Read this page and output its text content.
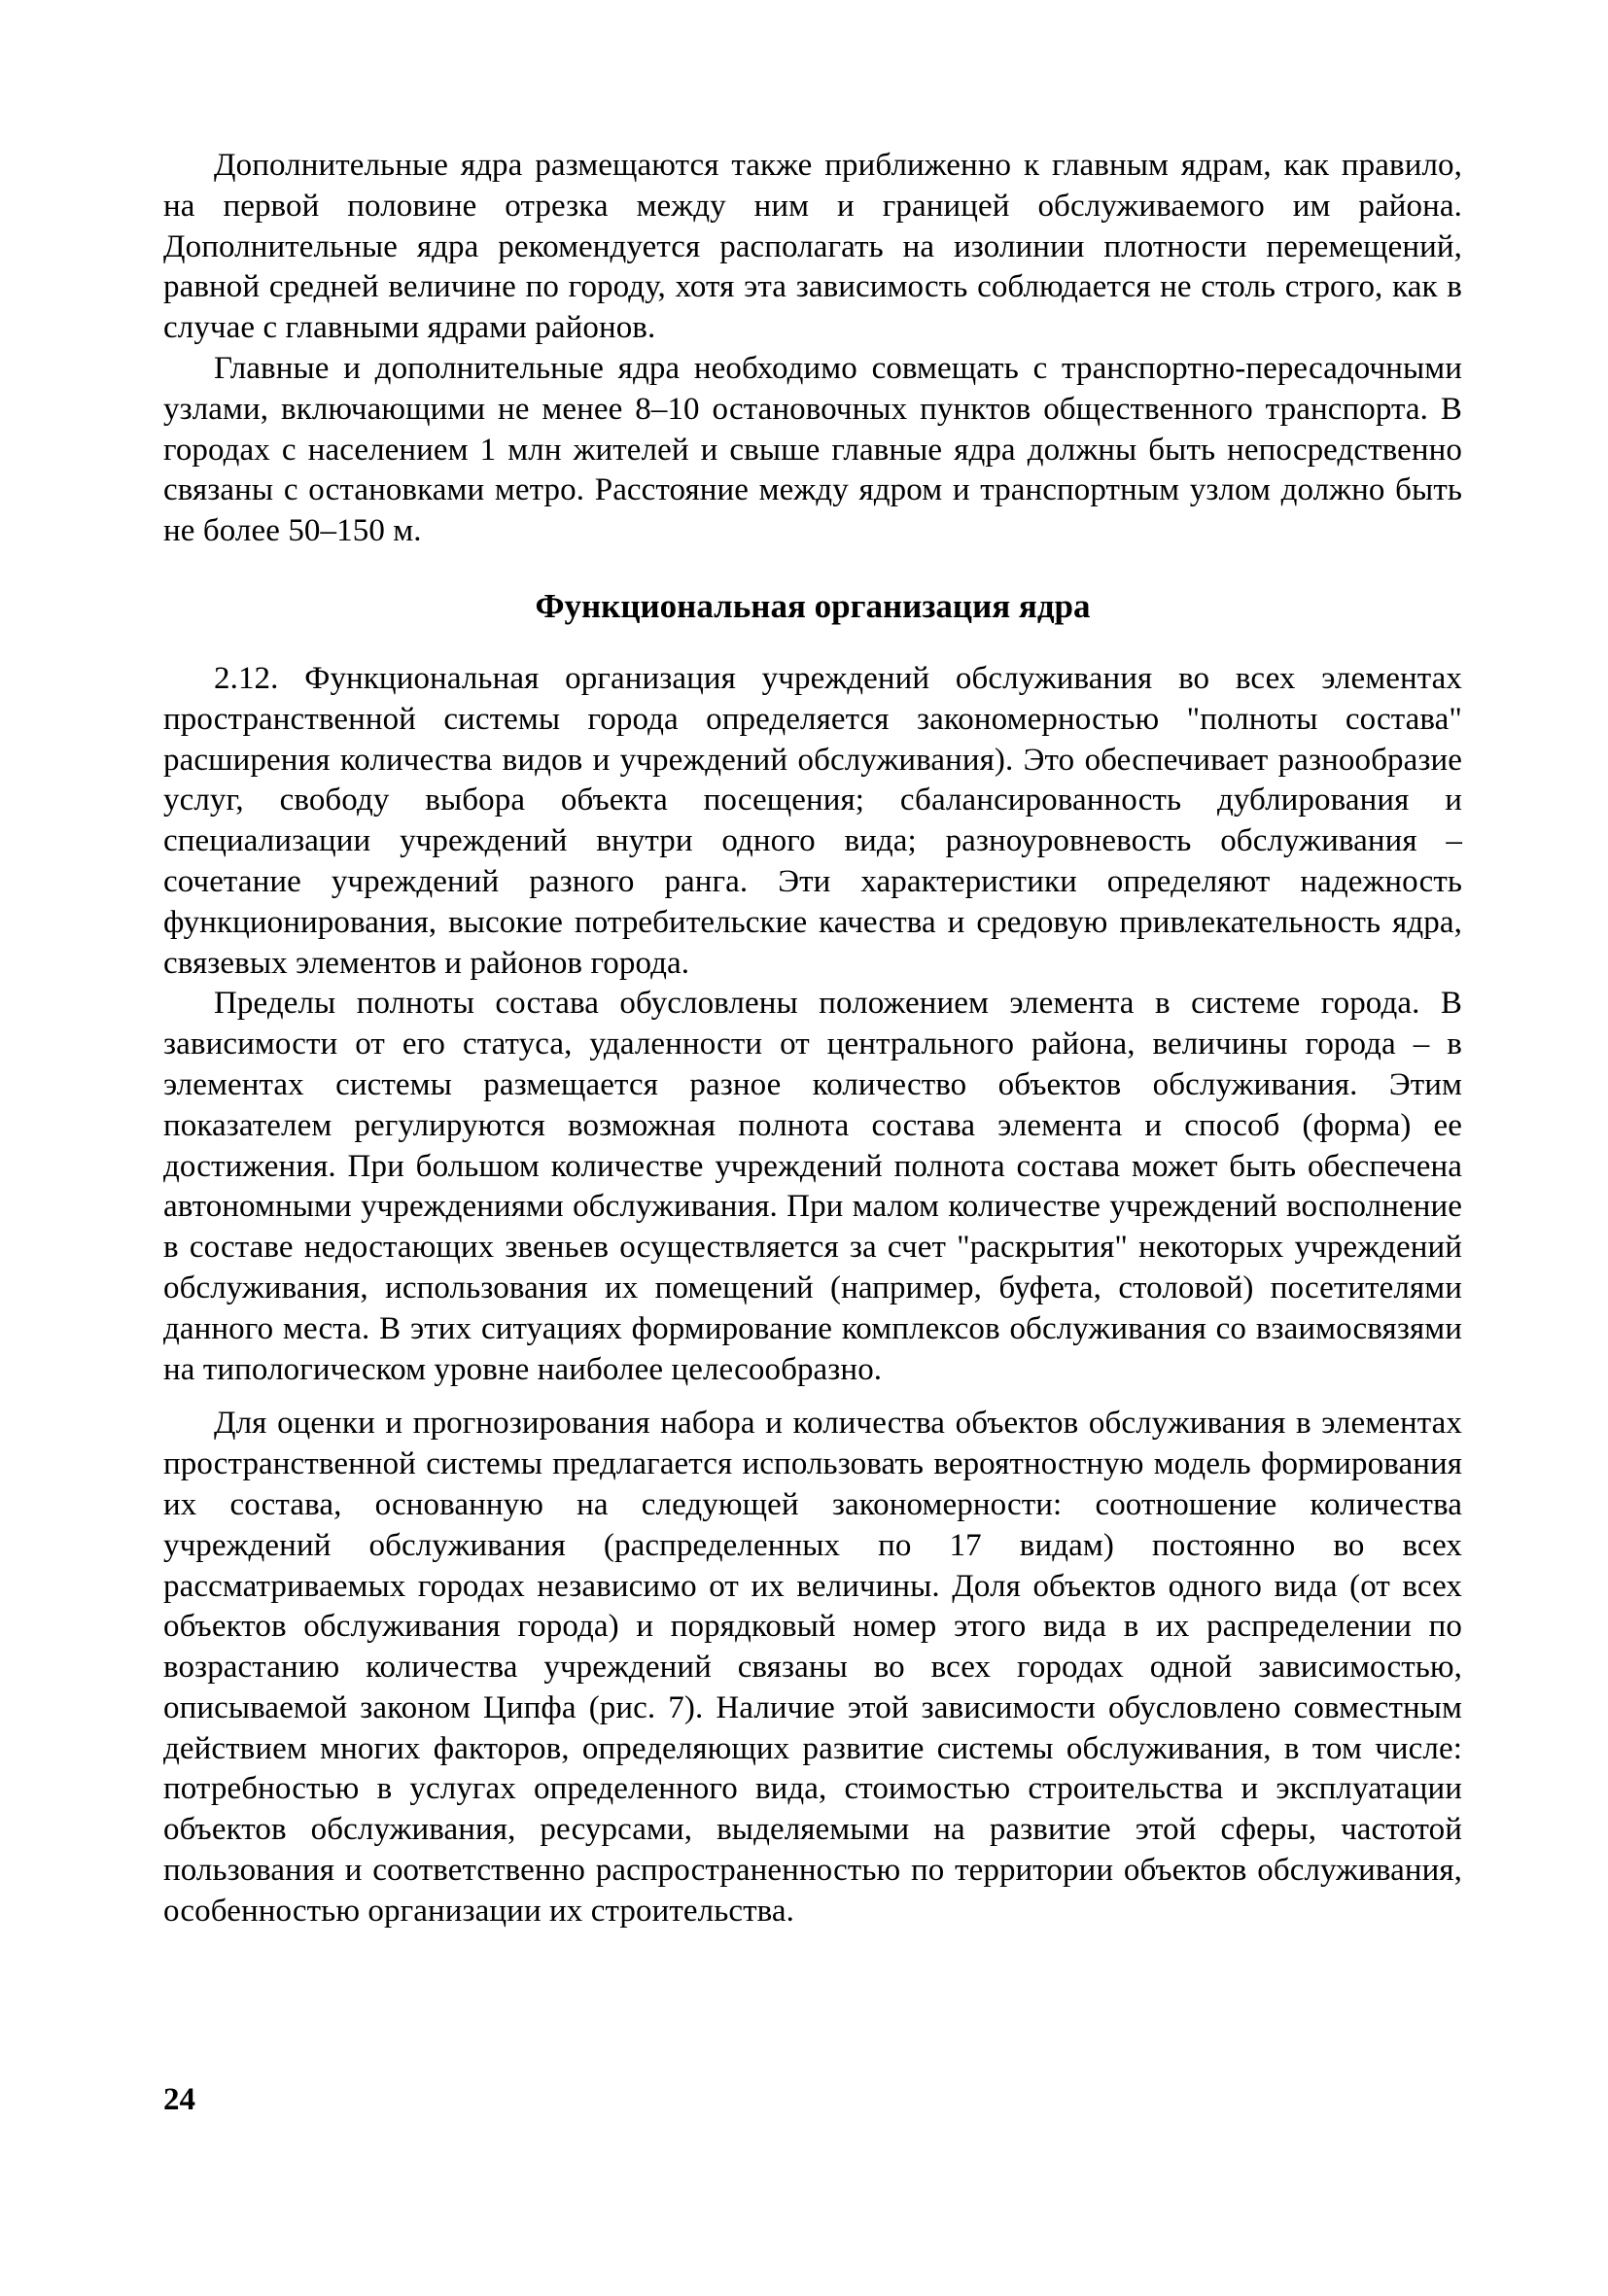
Дополнительные ядра размещаются также приближенно к главным ядрам, как правило, на первой половине отрезка между ним и границей обслуживаемого им района. Дополнительные ядра рекомендуется располагать на изолинии плотности перемещений, равной средней величине по городу, хотя эта зависимость соблюдается не столь строго, как в случае с главными ядрами районов.

Главные и дополнительные ядра необходимо совмещать с транспортно-пересадочными узлами, включающими не менее 8–10 остановочных пунктов общественного транспорта. В городах с населением 1 млн жителей и свыше главные ядра должны быть непосредственно связаны с остановками метро. Расстояние между ядром и транспортным узлом должно быть не более 50–150 м.

Функциональная организация ядра

2.12. Функциональная организация учреждений обслуживания во всех элементах пространственной системы города определяется закономерностью "полноты состава" расширения количества видов и учреждений обслуживания). Это обеспечивает разнообразие услуг, свободу выбора объекта посещения; сбалансированность дублирования и специализации учреждений внутри одного вида; разноуровневость обслуживания – сочетание учреждений разного ранга. Эти характеристики определяют надежность функционирования, высокие потребительские качества и средовую привлекательность ядра, связевых элементов и районов города.

Пределы полноты состава обусловлены положением элемента в системе города. В зависимости от его статуса, удаленности от центрального района, величины города – в элементах системы размещается разное количество объектов обслуживания. Этим показателем регулируются возможная полнота состава элемента и способ (форма) ее достижения. При большом количестве учреждений полнота состава может быть обеспечена автономными учреждениями обслуживания. При малом количестве учреждений восполнение в составе недостающих звеньев осуществляется за счет "раскрытия" некоторых учреждений обслуживания, использования их помещений (например, буфета, столовой) посетителями данного места. В этих ситуациях формирование комплексов обслуживания со взаимосвязями на типологическом уровне наиболее целесообразно.

Для оценки и прогнозирования набора и количества объектов обслуживания в элементах пространственной системы предлагается использовать вероятностную модель формирования их состава, основанную на следующей закономерности: соотношение количества учреждений обслуживания (распределенных по 17 видам) постоянно во всех рассматриваемых городах независимо от их величины. Доля объектов одного вида (от всех объектов обслуживания города) и порядковый номер этого вида в их распределении по возрастанию количества учреждений связаны во всех городах одной зависимостью, описываемой законом Ципфа (рис. 7). Наличие этой зависимости обусловлено совместным действием многих факторов, определяющих развитие системы обслуживания, в том числе: потребностью в услугах определенного вида, стоимостью строительства и эксплуатации объектов обслуживания, ресурсами, выделяемыми на развитие этой сферы, частотой пользования и соответственно распространенностью по территории объектов обслуживания, особенностью организации их строительства.

24
